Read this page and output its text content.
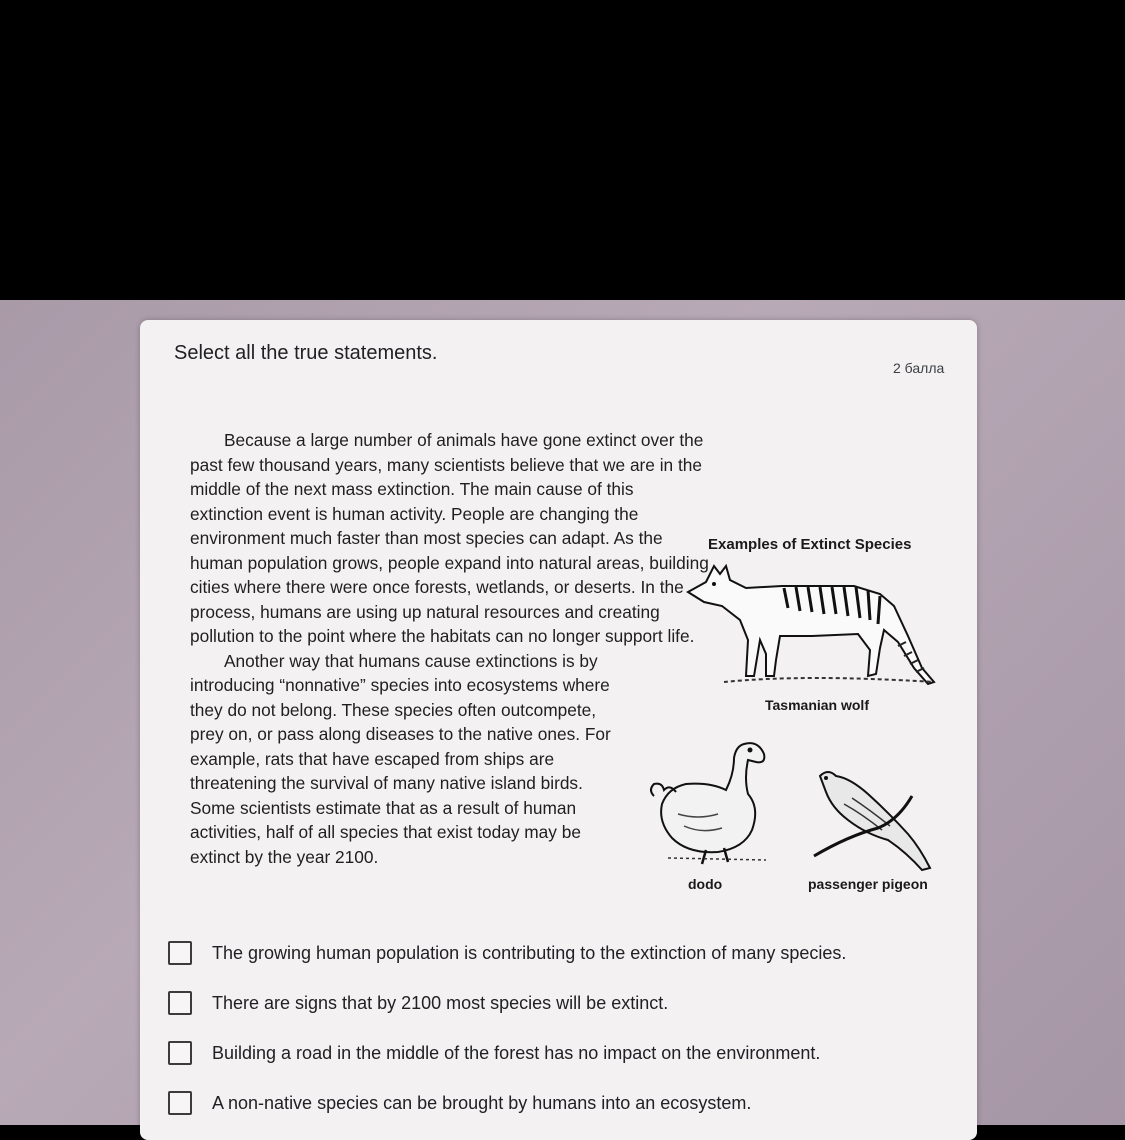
Select all the true statements.
2 балла

Because a large number of animals have gone extinct over the past few thousand years, many scientists believe that we are in the middle of the next mass extinction. The main cause of this extinction event is human activity. People are changing the environment much faster than most species can adapt. As the human population grows, people expand into natural areas, building cities where there were once forests, wetlands, or deserts. In the process, humans are using up natural resources and creating pollution to the point where the habitats can no longer support life.

Another way that humans cause extinctions is by introducing “nonnative” species into ecosystems where they do not belong. These species often outcompete, prey on, or pass along diseases to the native ones. For example, rats that have escaped from ships are threatening the survival of many native island birds. Some scientists estimate that as a result of human activities, half of all species that exist today may be extinct by the year 2100.

Examples of Extinct Species
Tasmanian wolf
dodo	passenger pigeon
The growing human population is contributing to the extinction of many species.
There are signs that by 2100 most species will be extinct.
Building a road in the middle of the forest has no impact on the environment.
A non-native species can be brought by humans into an ecosystem.
